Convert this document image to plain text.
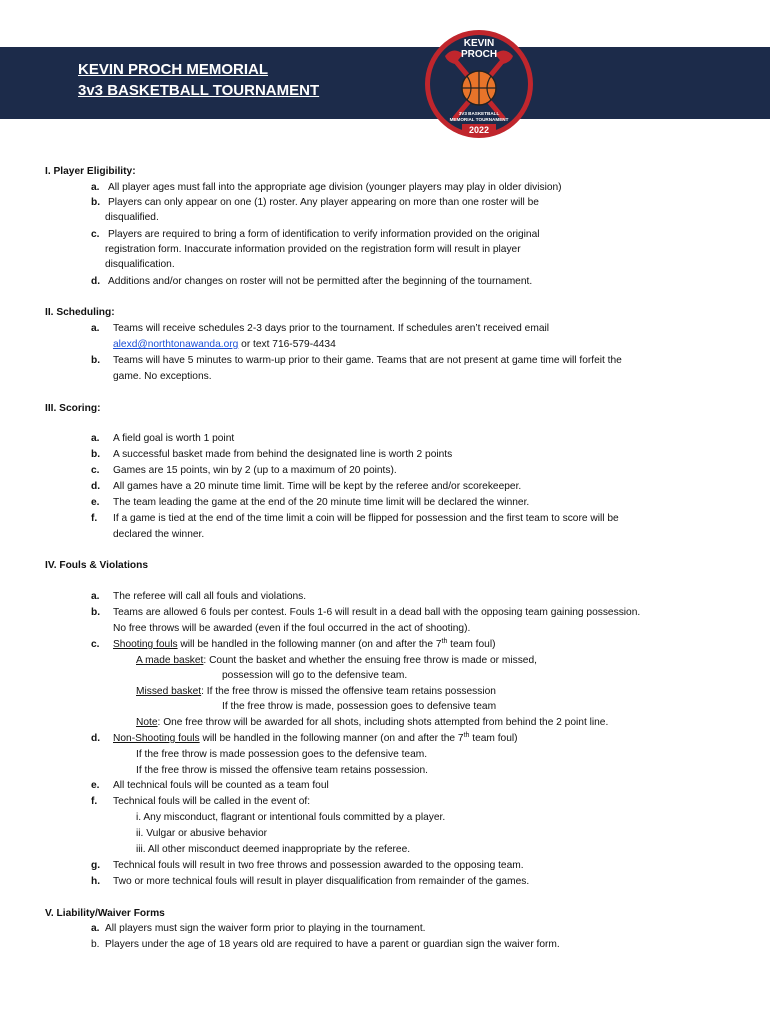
KEVIN PROCH MEMORIAL
3v3 BASKETBALL TOURNAMENT
KEVIN
PROCH
3V3 BASKETBALL
MEMORIAL TOURNAMENT
2022
I. Player Eligibility:
a. All player ages must fall into the appropriate age division (younger players may play in older division)
b. Players can only appear on one (1) roster. Any player appearing on more than one roster will be
disqualified.
c. Players are required to bring a form of identification to verify information provided on the original
registration form. Inaccurate information provided on the registration form will result in player
disqualification.
d. Additions and/or changes on roster will not be permitted after the beginning of the tournament.
II. Scheduling:
a. Teams will receive schedules 2-3 days prior to the tournament. If schedules aren’t received email
alexd@northtonawanda.org or text 716-579-4434
b. Teams will have 5 minutes to warm-up prior to their game. Teams that are not present at game time will forfeit the
game. No exceptions.
III. Scoring:
a. A field goal is worth 1 point
b. A successful basket made from behind the designated line is worth 2 points
c. Games are 15 points, win by 2 (up to a maximum of 20 points).
d. All games have a 20 minute time limit. Time will be kept by the referee and/or scorekeeper.
e. The team leading the game at the end of the 20 minute time limit will be declared the winner.
f. If a game is tied at the end of the time limit a coin will be flipped for possession and the first team to score will be
declared the winner.
IV. Fouls & Violations
a. The referee will call all fouls and violations.
b. Teams are allowed 6 fouls per contest. Fouls 1-6 will result in a dead ball with the opposing team gaining possession.
No free throws will be awarded (even if the foul occurred in the act of shooting).
c. Shooting fouls will be handled in the following manner (on and after the 7th team foul)
A made basket: Count the basket and whether the ensuing free throw is made or missed,
possession will go to the defensive team.
Missed basket: If the free throw is missed the offensive team retains possession
If the free throw is made, possession goes to defensive team
Note: One free throw will be awarded for all shots, including shots attempted from behind the 2 point line.
d. Non-Shooting fouls will be handled in the following manner (on and after the 7th team foul)
If the free throw is made possession goes to the defensive team.
If the free throw is missed the offensive team retains possession.
e. All technical fouls will be counted as a team foul
f. Technical fouls will be called in the event of:
i. Any misconduct, flagrant or intentional fouls committed by a player.
ii. Vulgar or abusive behavior
iii. All other misconduct deemed inappropriate by the referee.
g. Technical fouls will result in two free throws and possession awarded to the opposing team.
h. Two or more technical fouls will result in player disqualification from remainder of the games.
V. Liability/Waiver Forms
a. All players must sign the waiver form prior to playing in the tournament.
b. Players under the age of 18 years old are required to have a parent or guardian sign the waiver form.
